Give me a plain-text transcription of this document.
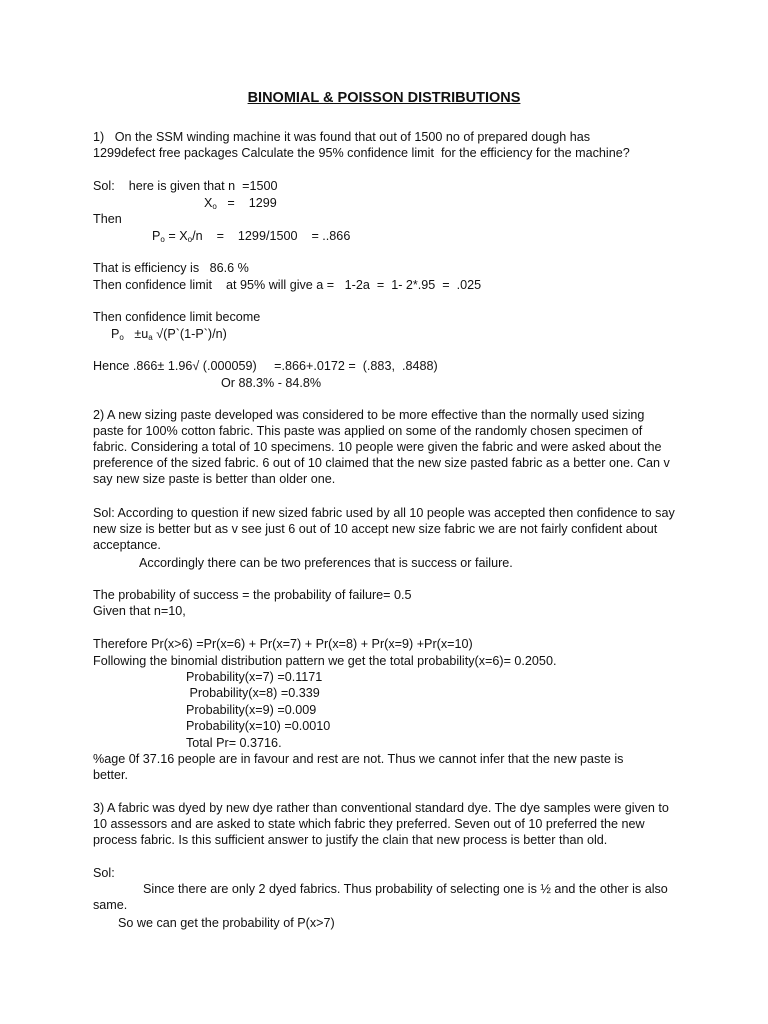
BINOMIAL & POISSON DISTRIBUTIONS
1)   On the SSM winding machine it was found that out of 1500 no of prepared dough has
1299defect free packages Calculate the 95% confidence limit  for the efficiency for the machine?
Sol:    here is given that n  =1500
$X_o$   =    1299
Then
$P_o = X_o/n$    =    1299/1500    = ..866
That is efficiency is   86.6 %
Then confidence limit    at 95% will give a =   1-2a  =  1- 2*.95  =  .025
Then confidence limit become
$P_o \pm u_a$ √(P`(1-P`)/n)
Hence .866± 1.96√ (.000059)     =.866+.0172 =  (.883,  .8488)
Or 88.3% - 84.8%
2) A new sizing paste developed was considered to be more effective than the normally used sizing paste for 100% cotton fabric. This paste was applied on some of the randomly chosen specimen of fabric. Considering a total of 10 specimens. 10 people were given the fabric and were asked about the preference of the sized fabric. 6 out of 10 claimed that the new size pasted fabric as a better one. Can v say new size paste is better than older one.
Sol: According to question if new sized fabric used by all 10 people was accepted then confidence to say new size is better but as v see just 6 out of 10 accept new size fabric we are not fairly confident about acceptance.
Accordingly there can be two preferences that is success or failure.
The probability of success = the probability of failure= 0.5
Given that n=10,
Therefore Pr(x>6) =Pr(x=6) + Pr(x=7) + Pr(x=8) + Pr(x=9) +Pr(x=10)
Following the binomial distribution pattern we get the total probability(x=6)= 0.2050.
Probability(x=7) =0.1171
Probability(x=8) =0.339
Probability(x=9) =0.009
Probability(x=10) =0.0010
Total Pr= 0.3716.
%age 0f 37.16 people are in favour and rest are not. Thus we cannot infer that the new paste is better.
3) A fabric was dyed by new dye rather than conventional standard dye. The dye samples were given to 10 assessors and are asked to state which fabric they preferred. Seven out of 10 preferred the new process fabric. Is this sufficient answer to justify the clain that new process is better than old.
Sol:
Since there are only 2 dyed fabrics. Thus probability of selecting one is ½ and the other is also same.
So we can get the probability of P(x>7)
